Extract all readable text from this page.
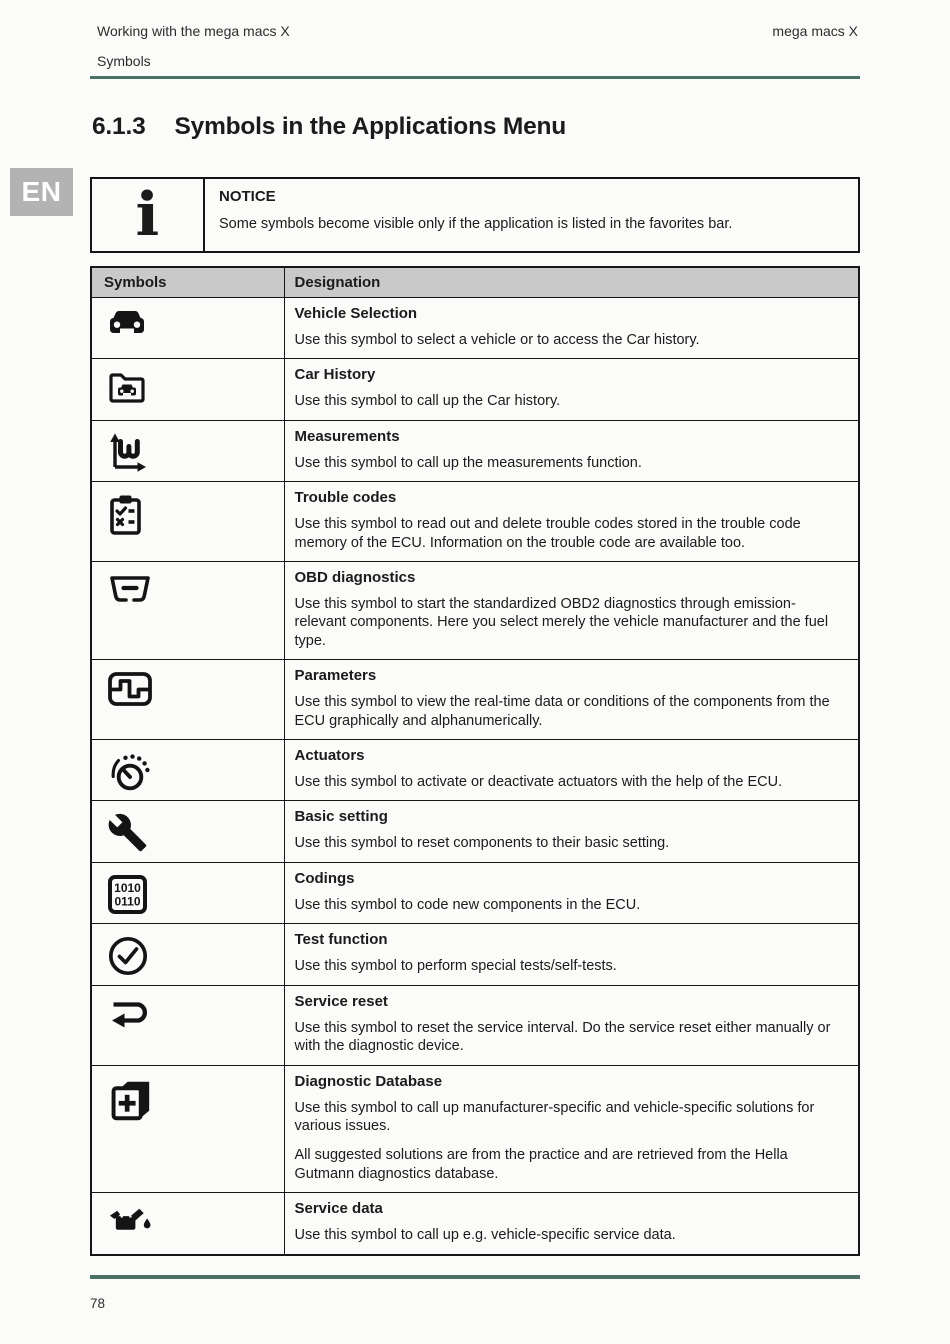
EN
Working with the mega macs X	mega macs X
Symbols
6.1.3 Symbols in the Applications Menu
i	NOTICE
Some symbols become visible only if the application is listed in the favorites bar.
Symbols	Designation

Vehicle Selection
Use this symbol to select a vehicle or to access the Car history.

Car History
Use this symbol to call up the Car history.

Measurements
Use this symbol to call up the measurements function.

Trouble codes
Use this symbol to read out and delete trouble codes stored in the trouble code memory of the ECU. Information on the trouble code are available too.

OBD diagnostics
Use this symbol to start the standardized OBD2 diagnostics through emission-relevant components. Here you select merely the vehicle manufacturer and the fuel type.

Parameters
Use this symbol to view the real-time data or conditions of the components from the ECU graphically and alphanumerically.

Actuators
Use this symbol to activate or deactivate actuators with the help of the ECU.

Basic setting
Use this symbol to reset components to their basic setting.

1010
0110

Codings
Use this symbol to code new components in the ECU.

Test function
Use this symbol to perform special tests/self-tests.

Service reset
Use this symbol to reset the service interval. Do the service reset either manually or with the diagnostic device.

Diagnostic Database
Use this symbol to call up manufacturer-specific and vehicle-specific solutions for various issues.
All suggested solutions are from the practice and are retrieved from the Hella Gutmann diagnostics database.

Service data
Use this symbol to call up e.g. vehicle-specific service data.
78
